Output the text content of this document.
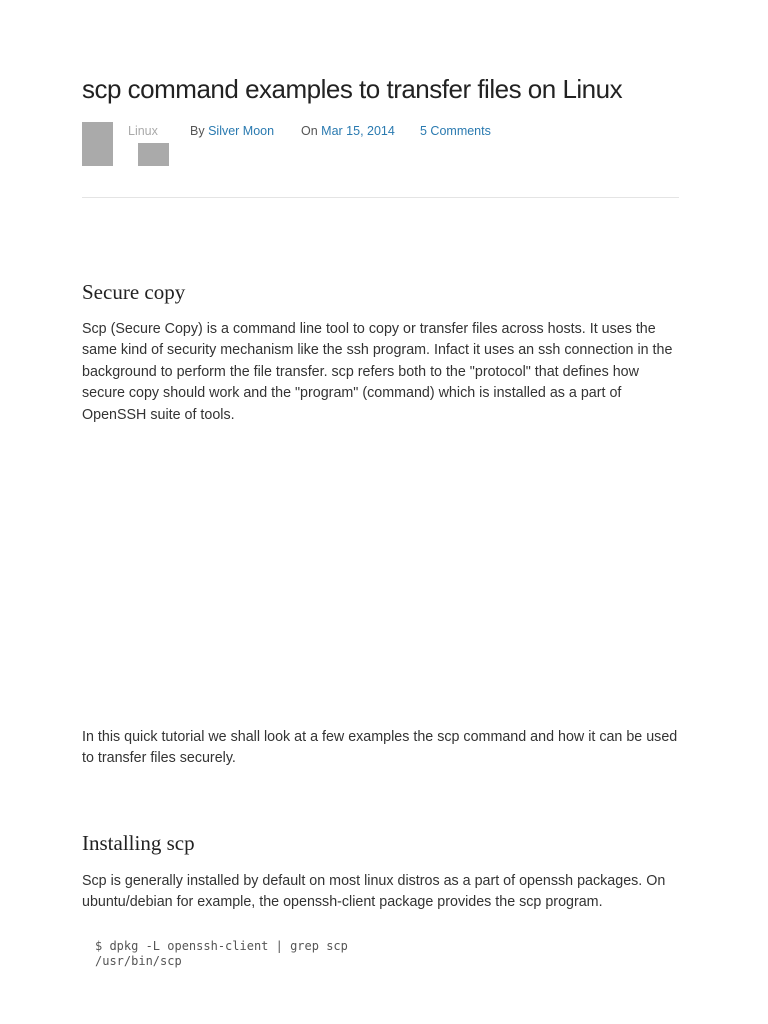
scp command examples to transfer files on Linux
Linux	By Silver Moon On Mar 15, 2014 5 Comments
Secure copy

Scp (Secure Copy) is a command line tool to copy or transfer files across hosts. It uses the same kind of security mechanism like the ssh program. Infact it uses an ssh connection in the background to perform the file transfer. scp refers both to the "protocol" that defines how secure copy should work and the "program" (command) which is installed as a part of OpenSSH suite of tools.

In this quick tutorial we shall look at a few examples the scp command and how it can be used to transfer files securely.

Installing scp

Scp is generally installed by default on most linux distros as a part of openssh packages. On ubuntu/debian for example, the openssh-client package provides the scp program.

$ dpkg -L openssh-client | grep scp
/usr/bin/scp
